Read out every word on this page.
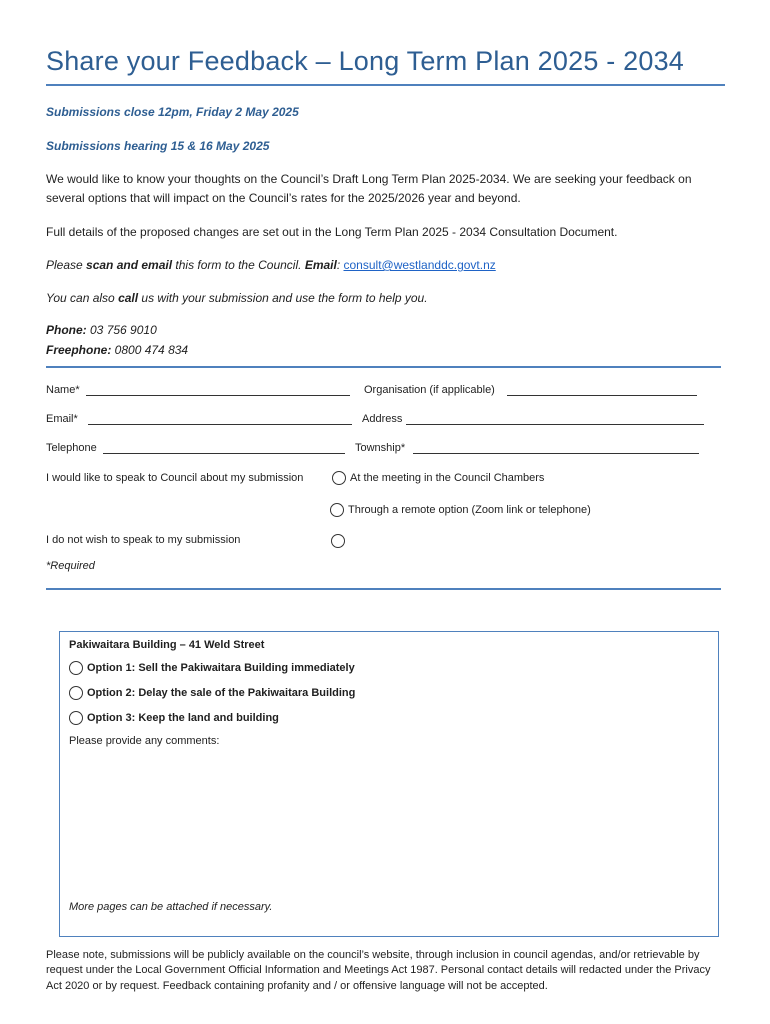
Share your Feedback – Long Term Plan 2025 - 2034
Submissions close 12pm, Friday 2 May 2025
Submissions hearing 15 & 16 May 2025

We would like to know your thoughts on the Council’s Draft Long Term Plan 2025-2034. We are seeking your feedback on several options that will impact on the Council’s rates for the 2025/2026 year and beyond.

Full details of the proposed changes are set out in the Long Term Plan 2025 - 2034 Consultation Document.

Please scan and email this form to the Council. Email: consult@westlanddc.govt.nz

You can also call us with your submission and use the form to help you.

Phone: 03 756 9010
Freephone: 0800 474 834
Name*	Organisation (if applicable)
Email*	Address
Telephone	Township*
I would like to speak to Council about my submission	At the meeting in the Council Chambers
Through a remote option (Zoom link or telephone)
I do not wish to speak to my submission
*Required
Pakiwaitara Building – 41 Weld Street
Option 1: Sell the Pakiwaitara Building immediately
Option 2: Delay the sale of the Pakiwaitara Building
Option 3: Keep the land and building
Please provide any comments:
More pages can be attached if necessary.

Please note, submissions will be publicly available on the council’s website, through inclusion in council agendas, and/or retrievable by request under the Local Government Official Information and Meetings Act 1987. Personal contact details will redacted under the Privacy Act 2020 or by request. Feedback containing profanity and / or offensive language will not be accepted.
